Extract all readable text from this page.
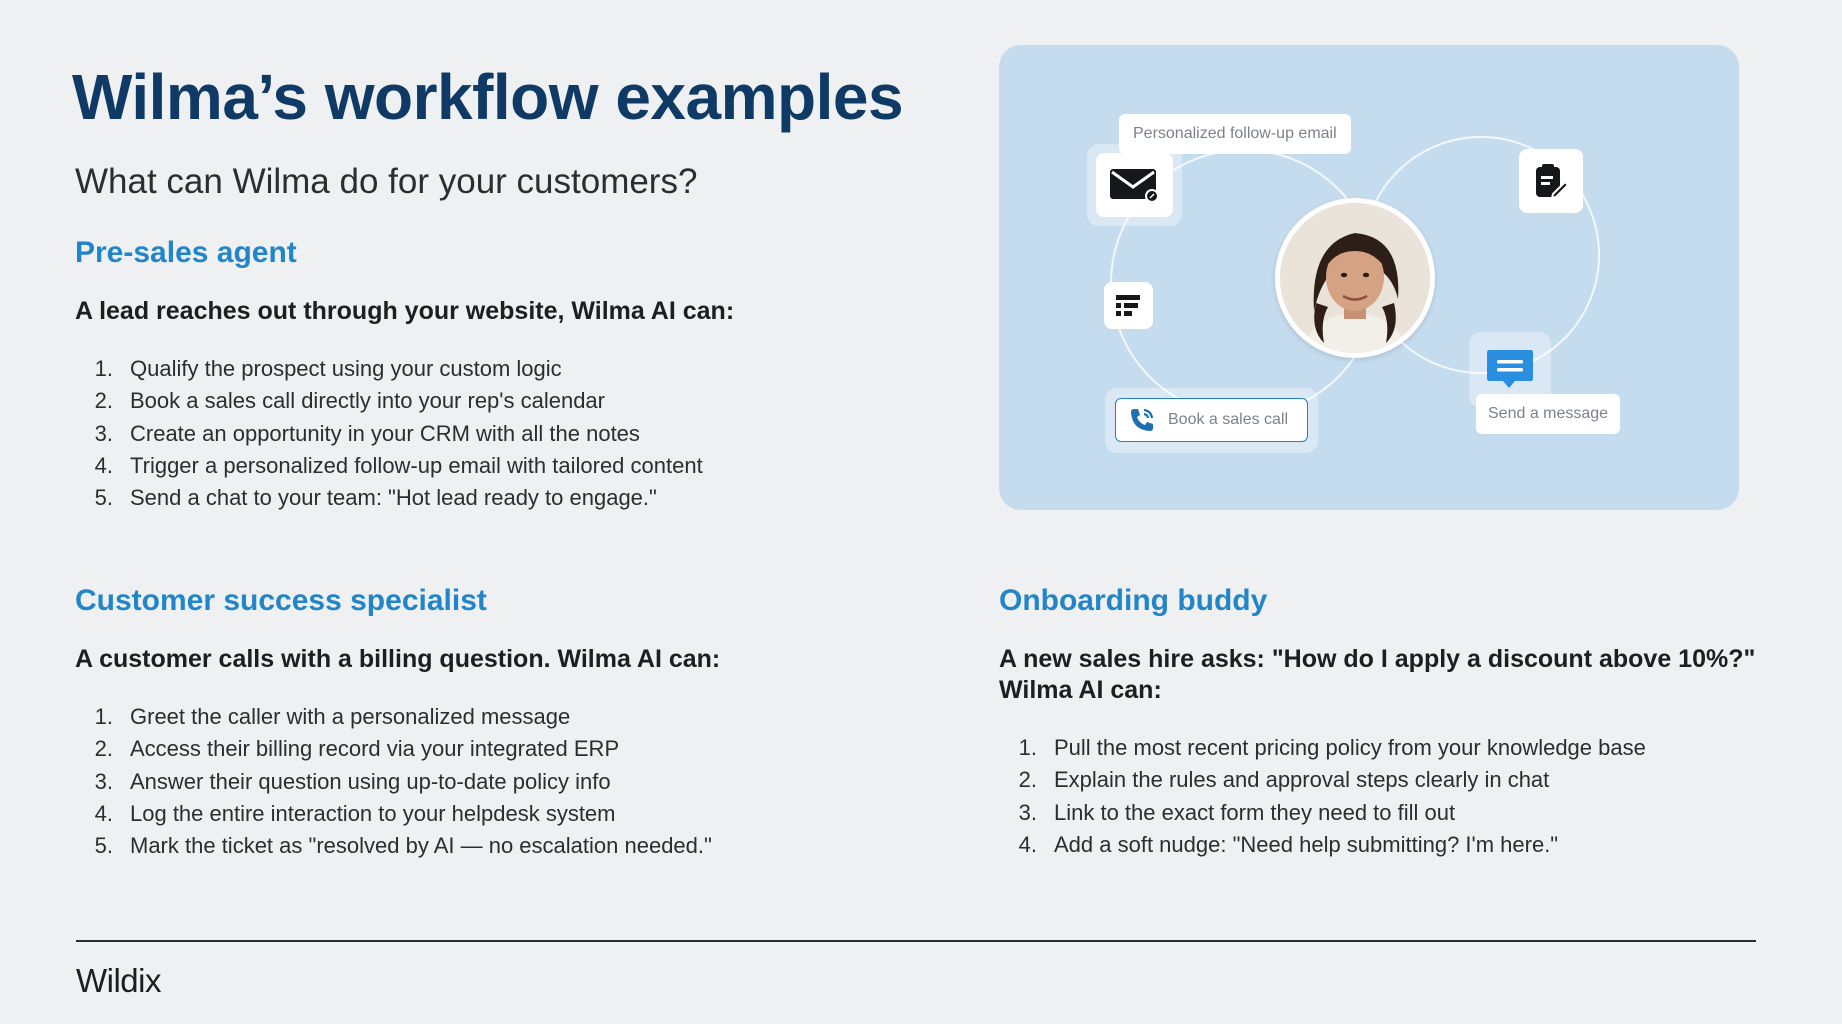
Wilma’s workflow examples
What can Wilma do for your customers?
Pre-sales agent

A lead reaches out through your website, Wilma AI can:

1. Qualify the prospect using your custom logic
2. Book a sales call directly into your rep's calendar
3. Create an opportunity in your CRM with all the notes
4. Trigger a personalized follow-up email with tailored content
5. Send a chat to your team: "Hot lead ready to engage."
Personalized follow-up email
Send a message
Book a sales call
Customer success specialist

A customer calls with a billing question. Wilma AI can:

1. Greet the caller with a personalized message
2. Access their billing record via your integrated ERP
3. Answer their question using up-to-date policy info
4. Log the entire interaction to your helpdesk system
5. Mark the ticket as "resolved by AI — no escalation needed."
Onboarding buddy

A new sales hire asks: "How do I apply a discount above 10%?" Wilma AI can:

1. Pull the most recent pricing policy from your knowledge base
2. Explain the rules and approval steps clearly in chat
3. Link to the exact form they need to fill out
4. Add a soft nudge: "Need help submitting? I'm here."
Wildix
